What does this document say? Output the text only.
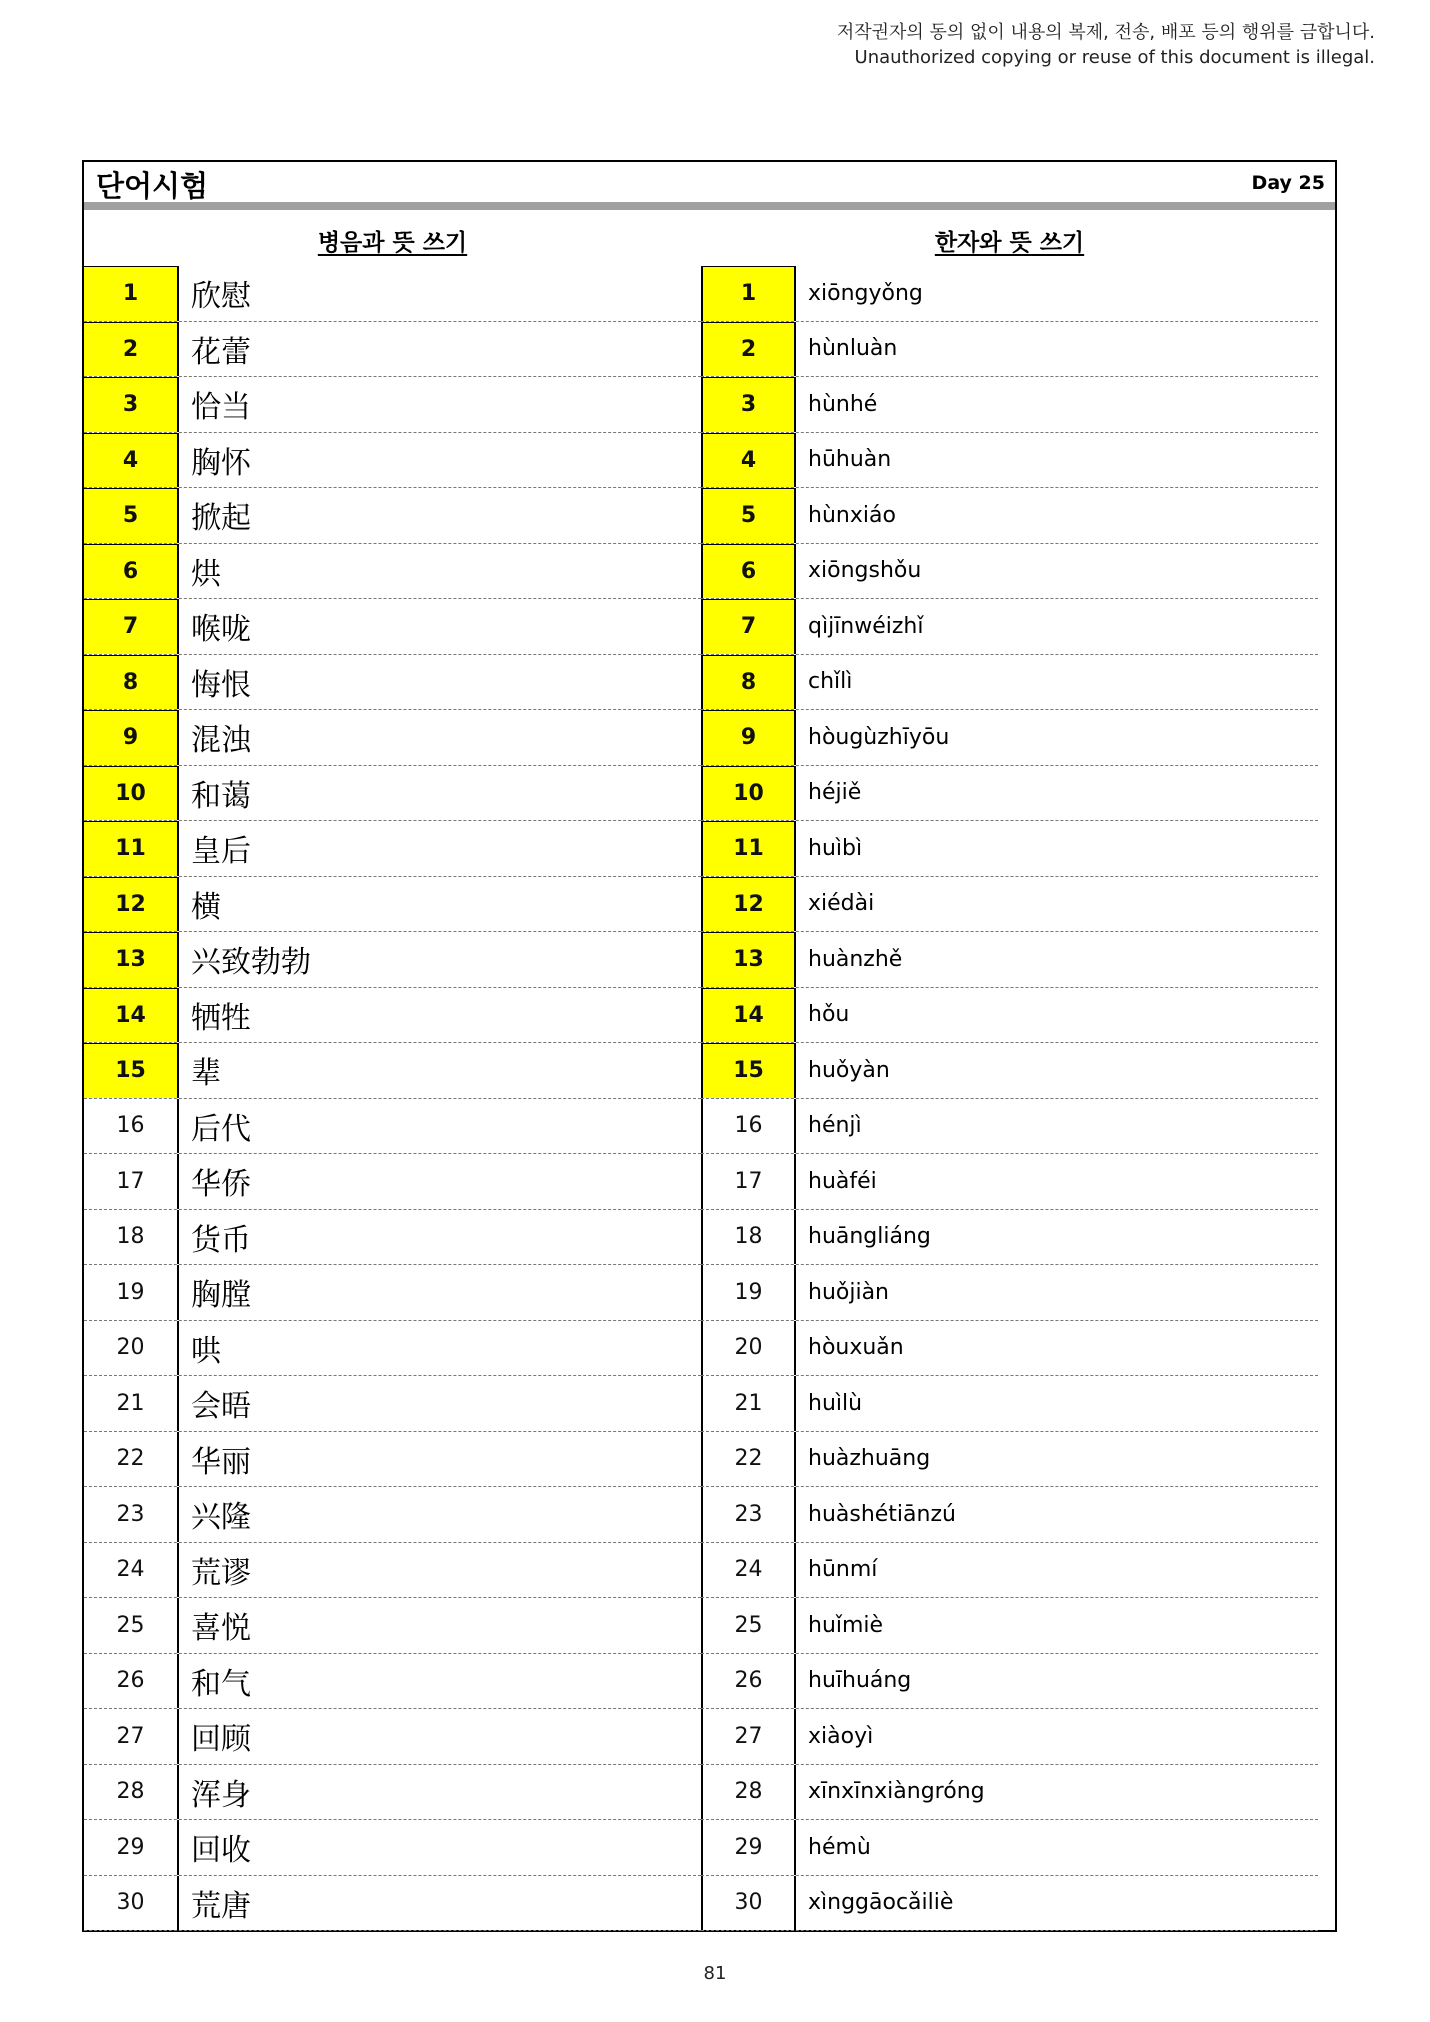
저작권자의 동의 없이 내용의 복제, 전송, 배포 등의 행위를 금합니다.
Unauthorized copying or reuse of this document is illegal.
단어시험	Day 25
병음과 뜻 쓰기
1	欣慰
2	花蕾
3	恰当
4	胸怀
5	掀起
6	烘
7	喉咙
8	悔恨
9	混浊
10	和蔼
11	皇后
12	横
13	兴致勃勃
14	牺牲
15	辈
16	后代
17	华侨
18	货币
19	胸膛
20	哄
21	会晤
22	华丽
23	兴隆
24	荒谬
25	喜悦
26	和气
27	回顾
28	浑身
29	回收
30	荒唐
한자와 뜻 쓰기
1	xiōngyǒng
2	hùnluàn
3	hùnhé
4	hūhuàn
5	hùnxiáo
6	xiōngshǒu
7	qìjīnwéizhǐ
8	chǐlì
9	hòugùzhīyōu
10	héjiě
11	huìbì
12	xiédài
13	huànzhě
14	hǒu
15	huǒyàn
16	hénjì
17	huàféi
18	huāngliáng
19	huǒjiàn
20	hòuxuǎn
21	huìlù
22	huàzhuāng
23	huàshétiānzú
24	hūnmí
25	huǐmiè
26	huīhuáng
27	xiàoyì
28	xīnxīnxiàngróng
29	hémù
30	xìnggāocǎiliè
81
